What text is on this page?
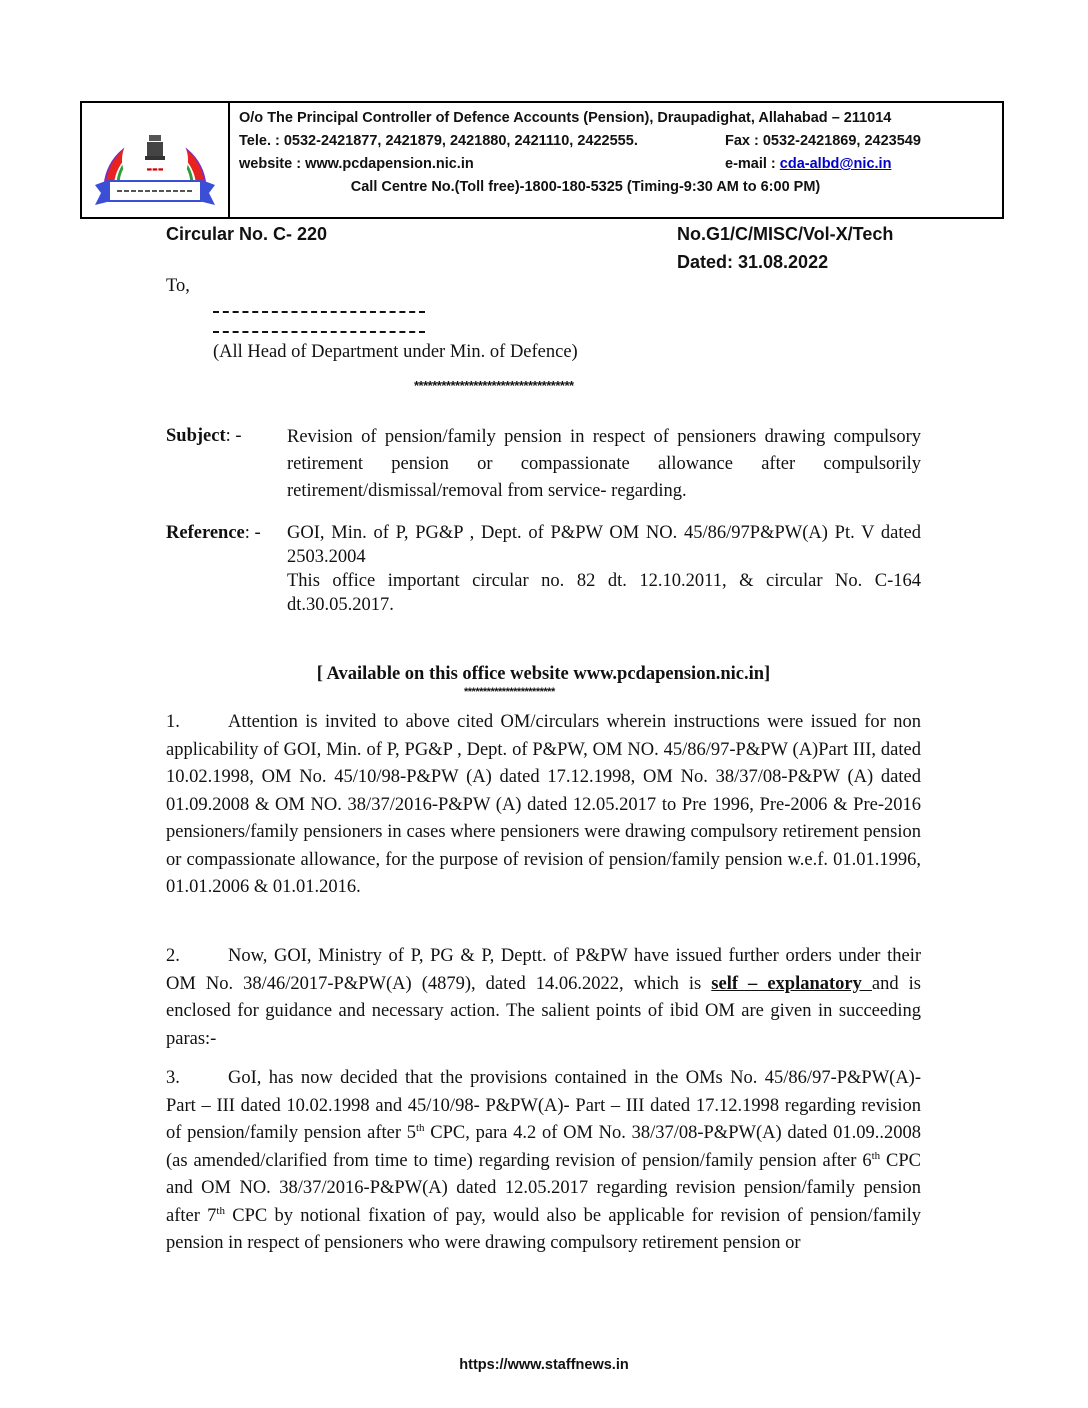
▬▬▬
O/o The Principal Controller of Defence Accounts (Pension), Draupadighat, Allahabad – 211014
Tele. : 0532-2421877, 2421879, 2421880, 2421110, 2422555.	Fax : 0532-2421869, 2423549
website : www.pcdapension.nic.in	e-mail : cda-albd@nic.in
Call Centre No.(Toll free)-1800-180-5325 (Timing-9:30 AM to 6:00 PM)
Circular No. C- 220	No.G1/C/MISC/Vol-X/Tech
Dated: 31.08.2022
To,
(All Head of Department under Min. of Defence)
***********************************
Subject: - Revision of pension/family pension in respect of pensioners drawing compulsory retirement pension or compassionate allowance after compulsorily retirement/dismissal/removal from service- regarding.

Reference: - GOI, Min. of P, PG&P , Dept. of P&PW OM NO. 45/86/97P&PW(A) Pt. V dated 2503.2004

This office important circular no. 82 dt. 12.10.2011, & circular No. C-164 dt.30.05.2017.

[ Available on this office website www.pcdapension.nic.in]
************************
1.	Attention is invited to above cited OM/circulars wherein instructions were issued for non applicability of GOI, Min. of P, PG&P , Dept. of P&PW, OM NO. 45/86/97-P&PW (A)Part III, dated 10.02.1998, OM No. 45/10/98-P&PW (A) dated 17.12.1998, OM No. 38/37/08-P&PW (A) dated 01.09.2008 & OM NO. 38/37/2016-P&PW (A) dated 12.05.2017 to Pre 1996, Pre-2006 & Pre-2016 pensioners/family pensioners in cases where pensioners were drawing compulsory retirement pension or compassionate allowance, for the purpose of revision of pension/family pension w.e.f. 01.01.1996, 01.01.2006 & 01.01.2016.
2.	Now, GOI, Ministry of P, PG & P, Deptt. of P&PW have issued further orders under their OM No. 38/46/2017-P&PW(A) (4879), dated 14.06.2022, which is self – explanatory and is enclosed for guidance and necessary action. The salient points of ibid OM are given in succeeding paras:-
3.	GoI, has now decided that the provisions contained in the OMs No. 45/86/97-P&PW(A)- Part – III dated 10.02.1998 and 45/10/98- P&PW(A)- Part – III dated 17.12.1998 regarding revision of pension/family pension after 5th CPC, para 4.2 of OM No. 38/37/08-P&PW(A) dated 01.09..2008 (as amended/clarified from time to time) regarding revision of pension/family pension after 6th CPC and OM NO. 38/37/2016-P&PW(A) dated 12.05.2017 regarding revision pension/family pension after 7th CPC by notional fixation of pay, would also be applicable for revision of pension/family pension in respect of pensioners who were drawing compulsory retirement pension or
https://www.staffnews.in
